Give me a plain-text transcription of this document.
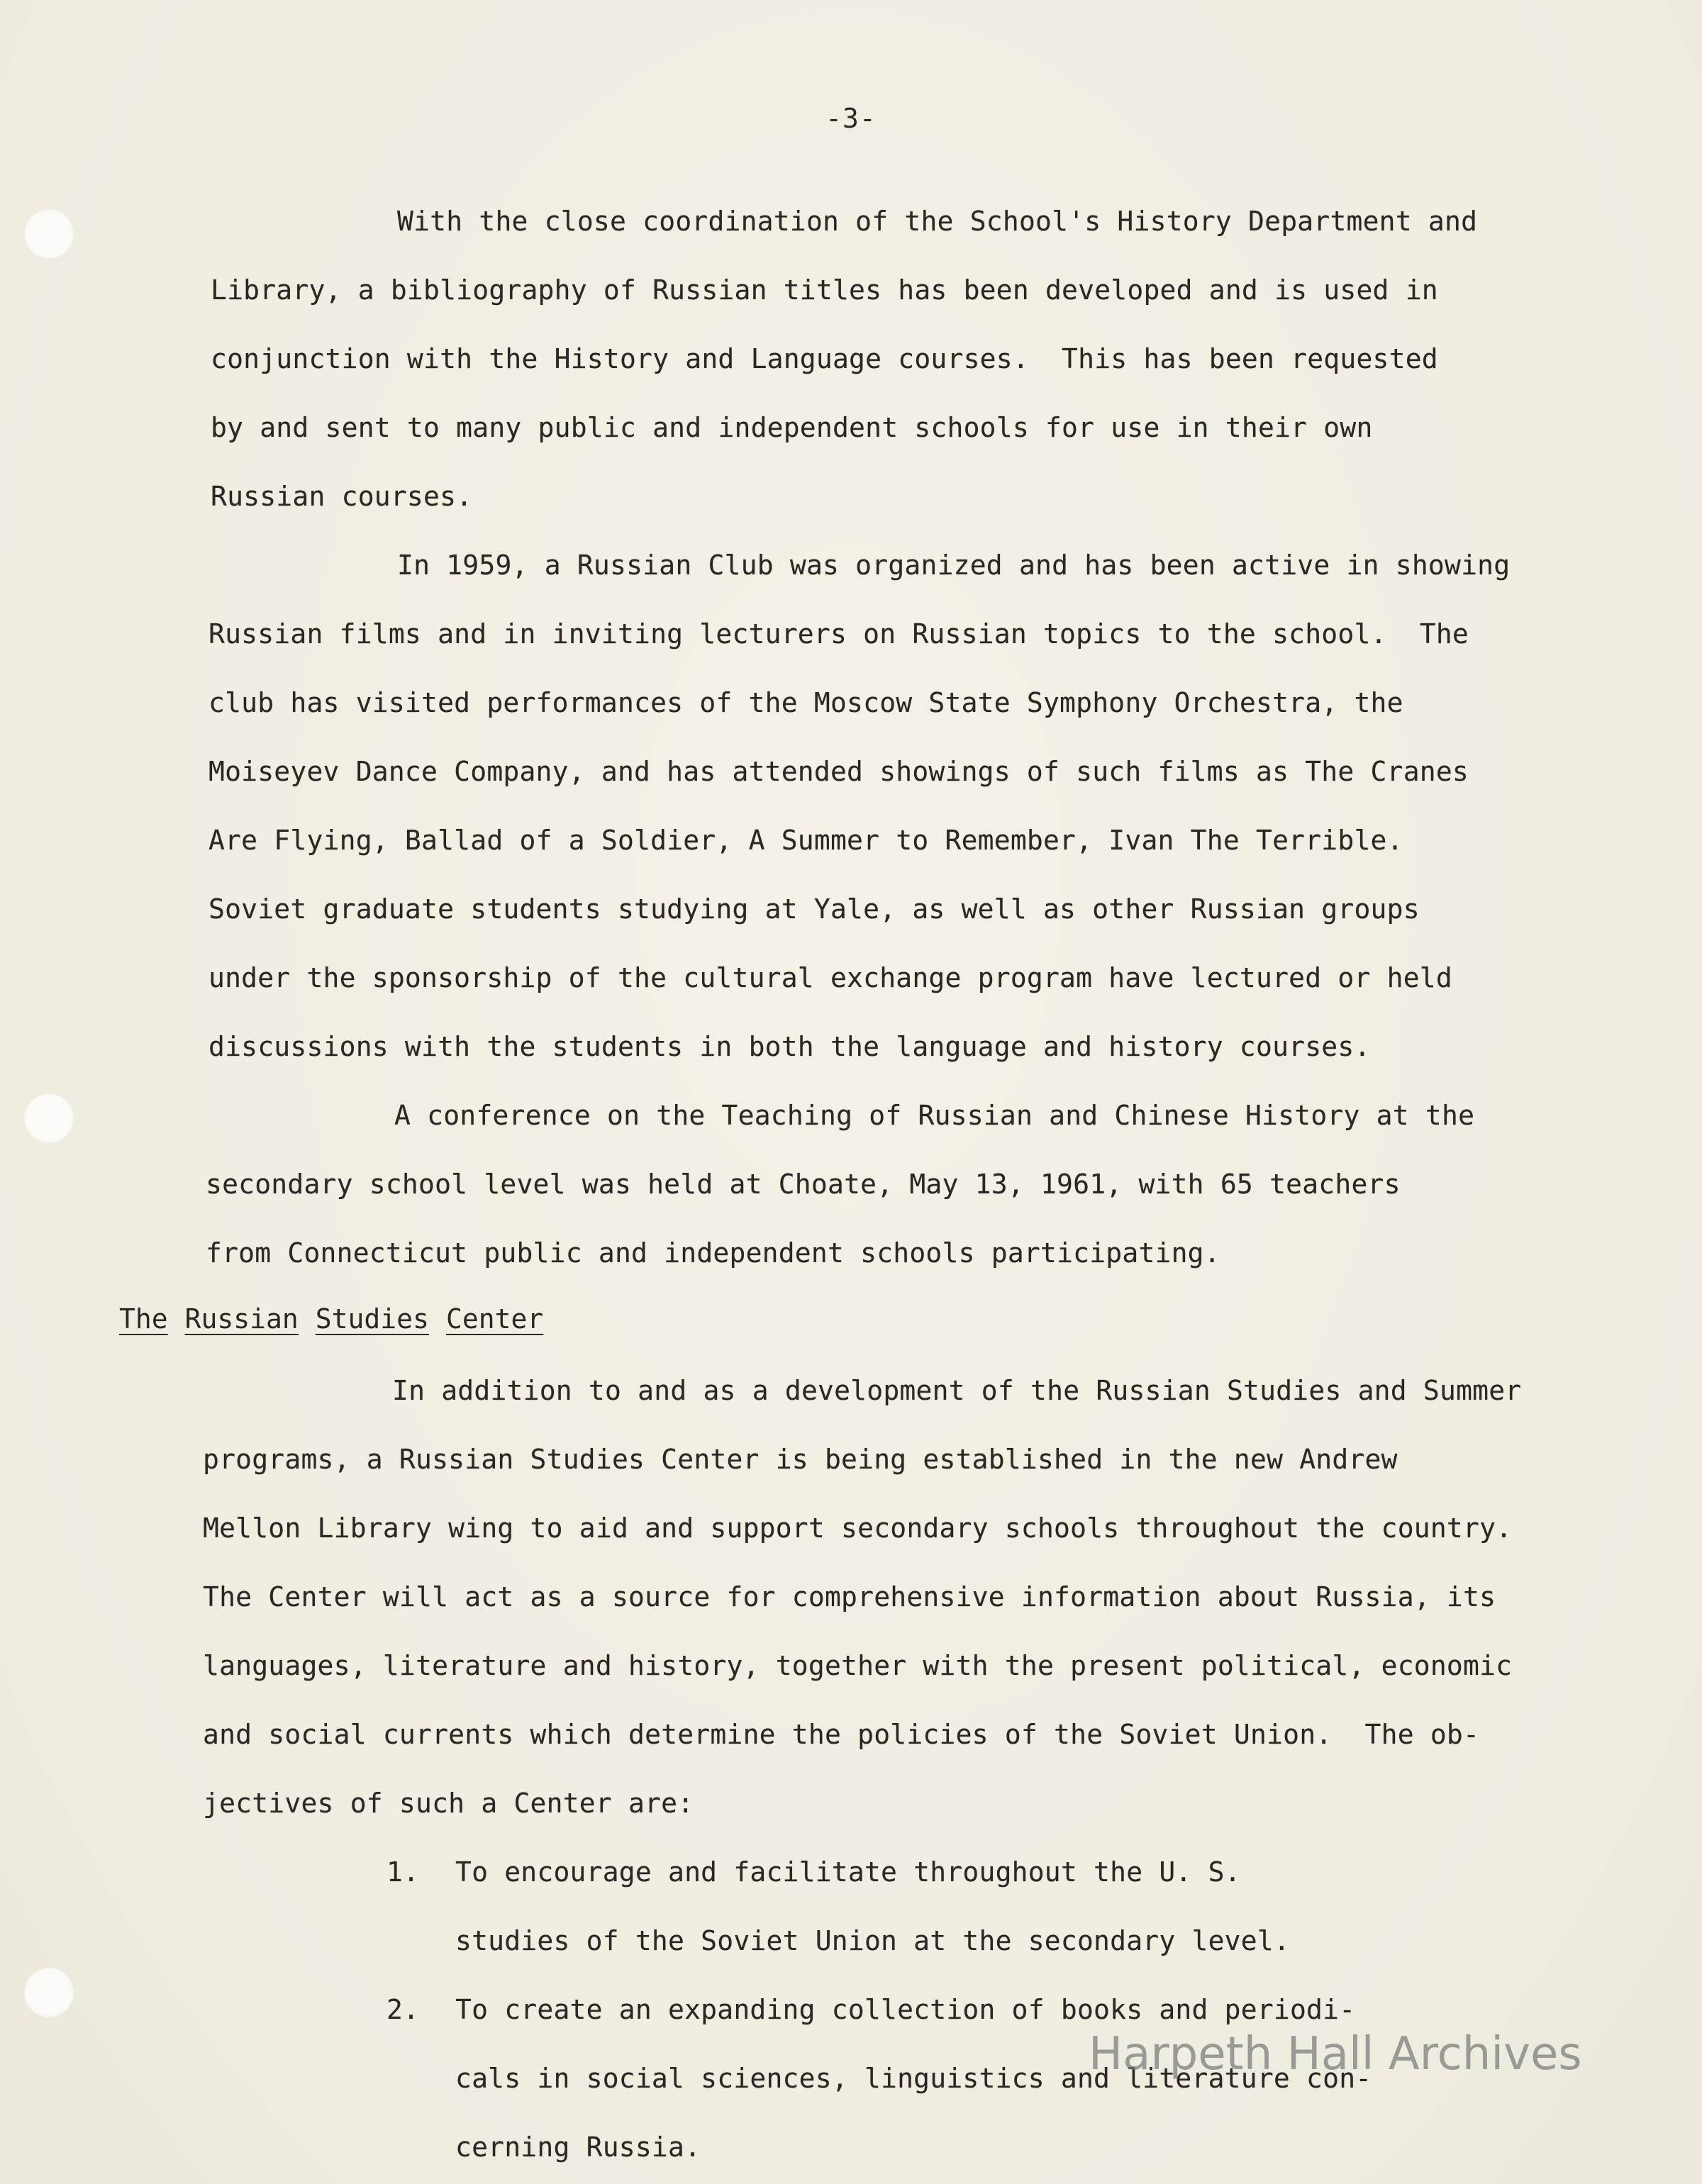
-3-
With the close coordination of the School's History Department and
Library, a bibliography of Russian titles has been developed and is used in
conjunction with the History and Language courses.  This has been requested
by and sent to many public and independent schools for use in their own
Russian courses.
In 1959, a Russian Club was organized and has been active in showing
Russian films and in inviting lecturers on Russian topics to the school.  The
club has visited performances of the Moscow State Symphony Orchestra, the
Moiseyev Dance Company, and has attended showings of such films as The Cranes
Are Flying, Ballad of a Soldier, A Summer to Remember, Ivan The Terrible.
Soviet graduate students studying at Yale, as well as other Russian groups
under the sponsorship of the cultural exchange program have lectured or held
discussions with the students in both the language and history courses.
A conference on the Teaching of Russian and Chinese History at the
secondary school level was held at Choate, May 13, 1961, with 65 teachers
from Connecticut public and independent schools participating.
The Russian Studies Center
In addition to and as a development of the Russian Studies and Summer
programs, a Russian Studies Center is being established in the new Andrew
Mellon Library wing to aid and support secondary schools throughout the country.
The Center will act as a source for comprehensive information about Russia, its
languages, literature and history, together with the present political, economic
and social currents which determine the policies of the Soviet Union.  The ob-
jectives of such a Center are:
1. To encourage and facilitate throughout the U. S.
studies of the Soviet Union at the secondary level.
2. To create an expanding collection of books and periodi-
cals in social sciences, linguistics and literature con-
cerning Russia.
Harpeth Hall Archives
